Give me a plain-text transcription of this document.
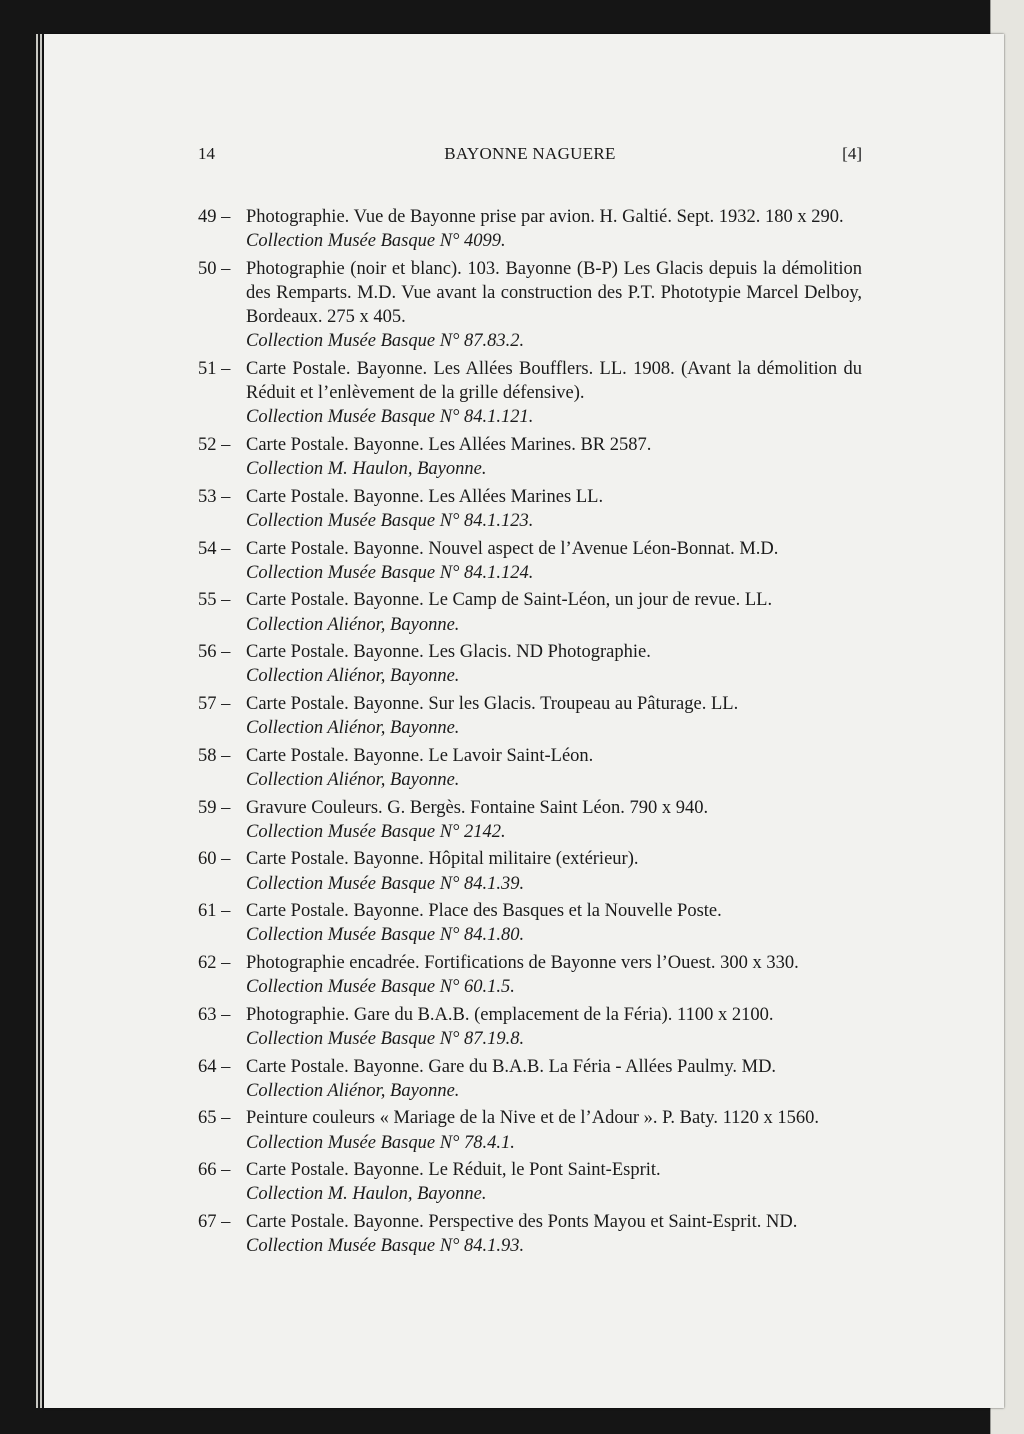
14	BAYONNE NAGUERE	[4]
49 – Photographie. Vue de Bayonne prise par avion. H. Galtié. Sept. 1932. 180 x 290.
Collection Musée Basque N° 4099.
50 – Photographie (noir et blanc). 103. Bayonne (B-P) Les Glacis depuis la démolition des Remparts. M.D. Vue avant la construction des P.T. Phototypie Marcel Delboy, Bordeaux. 275 x 405.
Collection Musée Basque N° 87.83.2.
51 – Carte Postale. Bayonne. Les Allées Boufflers. LL. 1908. (Avant la démolition du Réduit et l’enlèvement de la grille défensive).
Collection Musée Basque N° 84.1.121.
52 – Carte Postale. Bayonne. Les Allées Marines. BR 2587.
Collection M. Haulon, Bayonne.
53 – Carte Postale. Bayonne. Les Allées Marines LL.
Collection Musée Basque N° 84.1.123.
54 – Carte Postale. Bayonne. Nouvel aspect de l’Avenue Léon-Bonnat. M.D.
Collection Musée Basque N° 84.1.124.
55 – Carte Postale. Bayonne. Le Camp de Saint-Léon, un jour de revue. LL.
Collection Aliénor, Bayonne.
56 – Carte Postale. Bayonne. Les Glacis. ND Photographie.
Collection Aliénor, Bayonne.
57 – Carte Postale. Bayonne. Sur les Glacis. Troupeau au Pâturage. LL.
Collection Aliénor, Bayonne.
58 – Carte Postale. Bayonne. Le Lavoir Saint-Léon.
Collection Aliénor, Bayonne.
59 – Gravure Couleurs. G. Bergès. Fontaine Saint Léon. 790 x 940.
Collection Musée Basque N° 2142.
60 – Carte Postale. Bayonne. Hôpital militaire (extérieur).
Collection Musée Basque N° 84.1.39.
61 – Carte Postale. Bayonne. Place des Basques et la Nouvelle Poste.
Collection Musée Basque N° 84.1.80.
62 – Photographie encadrée. Fortifications de Bayonne vers l’Ouest. 300 x 330.
Collection Musée Basque N° 60.1.5.
63 – Photographie. Gare du B.A.B. (emplacement de la Féria). 1100 x 2100.
Collection Musée Basque N° 87.19.8.
64 – Carte Postale. Bayonne. Gare du B.A.B. La Féria - Allées Paulmy. MD.
Collection Aliénor, Bayonne.
65 – Peinture couleurs « Mariage de la Nive et de l’Adour ». P. Baty. 1120 x 1560.
Collection Musée Basque N° 78.4.1.
66 – Carte Postale. Bayonne. Le Réduit, le Pont Saint-Esprit.
Collection M. Haulon, Bayonne.
67 – Carte Postale. Bayonne. Perspective des Ponts Mayou et Saint-Esprit. ND.
Collection Musée Basque N° 84.1.93.
